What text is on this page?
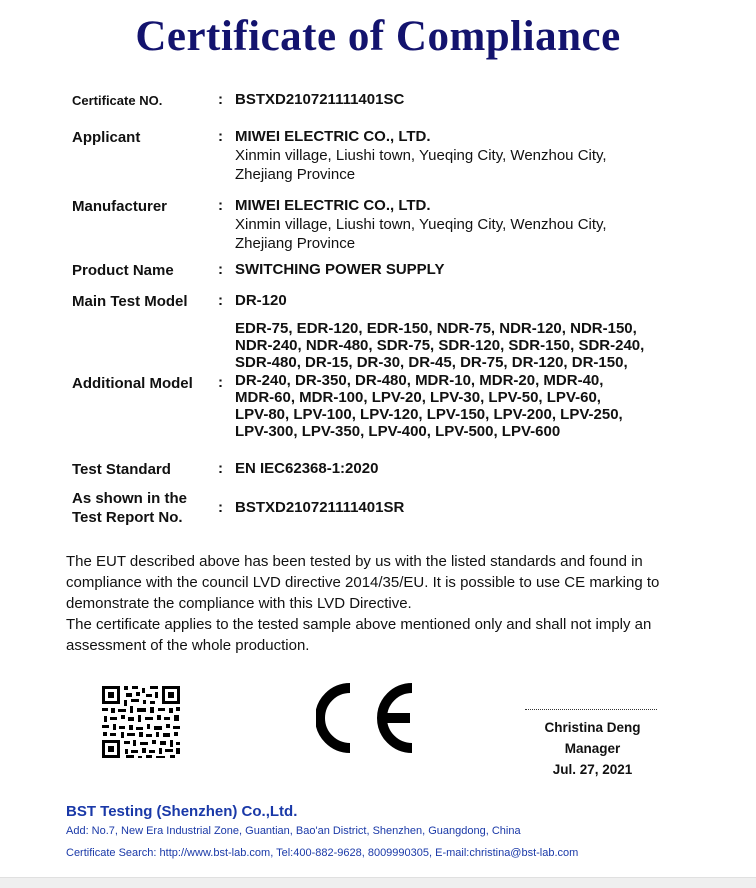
Certificate of Compliance
Certificate NO.	: BSTXD210721111401SC
Applicant	: MIWEI ELECTRIC CO., LTD.
Xinmin village, Liushi town, Yueqing City, Wenzhou City,
Zhejiang Province
Manufacturer	: MIWEI ELECTRIC CO., LTD.
Xinmin village, Liushi town, Yueqing City, Wenzhou City,
Zhejiang Province
Product Name	: SWITCHING POWER SUPPLY
Main Test Model : DR-120
Additional Model :
EDR-75, EDR-120, EDR-150, NDR-75, NDR-120, NDR-150,
NDR-240, NDR-480, SDR-75, SDR-120, SDR-150, SDR-240,
SDR-480, DR-15, DR-30, DR-45, DR-75, DR-120, DR-150,
DR-240, DR-350, DR-480, MDR-10, MDR-20, MDR-40,
MDR-60, MDR-100, LPV-20, LPV-30, LPV-50, LPV-60,
LPV-80, LPV-100, LPV-120, LPV-150, LPV-200, LPV-250,
LPV-300, LPV-350, LPV-400, LPV-500, LPV-600
Test Standard	: EN IEC62368-1:2020
As shown in the
Test Report No.
: BSTXD210721111401SR

The EUT described above has been tested by us with the listed standards and found in compliance with the council LVD directive 2014/35/EU. It is possible to use CE marking to demonstrate the compliance with this LVD Directive.

The certificate applies to the tested sample above mentioned only and shall not imply an assessment of the whole production.

Christina Deng
Manager
Jul. 27, 2021
BST Testing (Shenzhen) Co.,Ltd.
Add: No.7, New Era Industrial Zone, Guantian, Bao'an District, Shenzhen, Guangdong, China
Certificate Search: http://www.bst-lab.com, Tel:400-882-9628, 8009990305, E-mail:christina@bst-lab.com
